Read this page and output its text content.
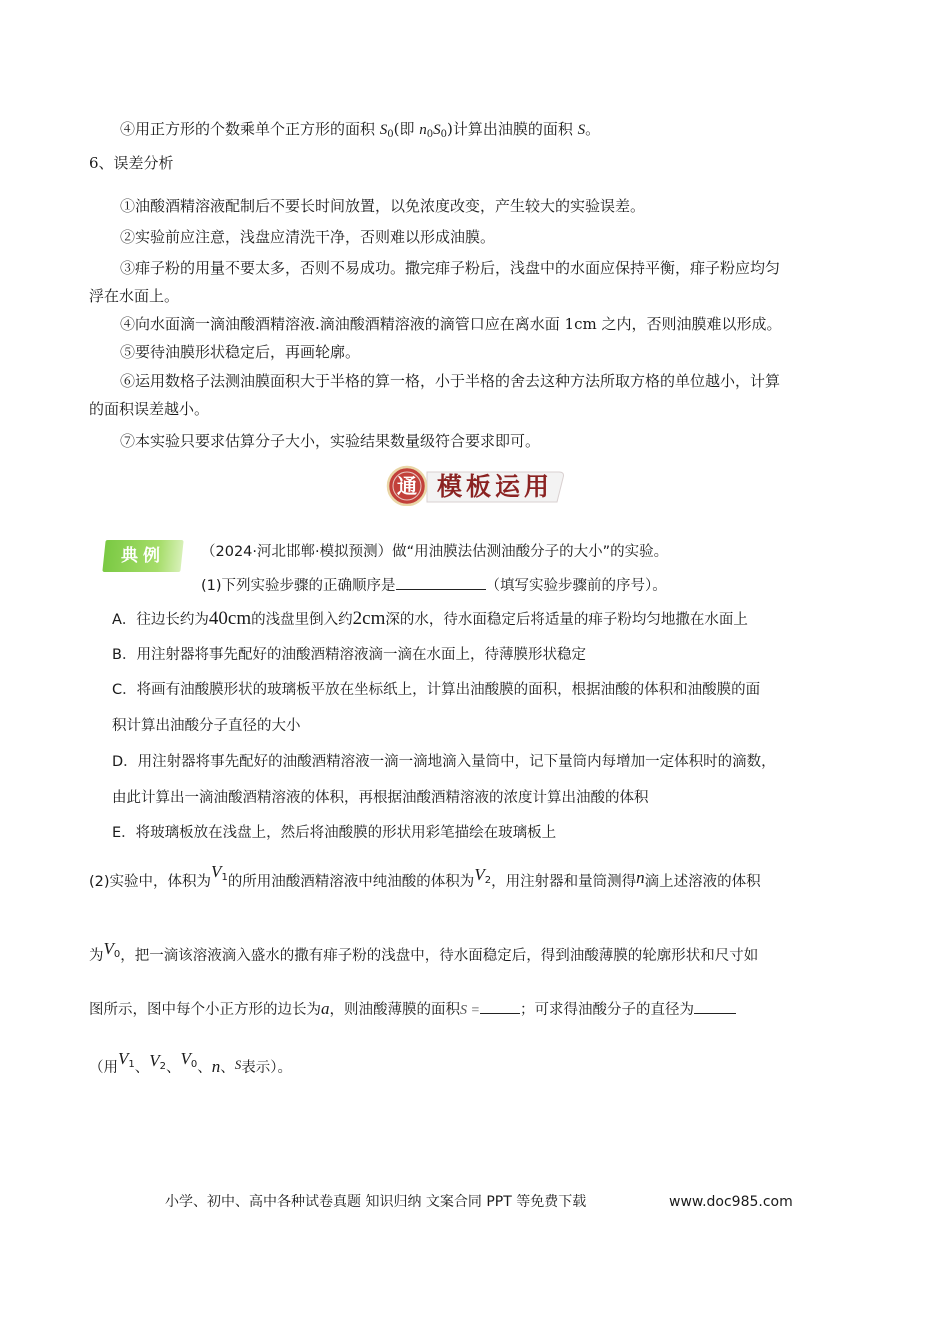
④用正方形的个数乘单个正方形的面积 $S_0$(即 $n_0S_0$)计算出油膜的面积 S。
6、误差分析
①油酸酒精溶液配制后不要长时间放置，以免浓度改变，产生较大的实验误差。
②实验前应注意，浅盘应清洗干净，否则难以形成油膜。
③痱子粉的用量不要太多，否则不易成功。撒完痱子粉后，浅盘中的水面应保持平衡，痱子粉应均匀
浮在水面上。
④向水面滴一滴油酸酒精溶液.滴油酸酒精溶液的滴管口应在离水面 1cm 之内，否则油膜难以形成。
⑤要待油膜形状稳定后，再画轮廓。
⑥运用数格子法测油膜面积大于半格的算一格，小于半格的舍去这种方法所取方格的单位越小，计算
的面积误差越小。
⑦本实验只要求估算分子大小，实验结果数量级符合要求即可。
通 模板运用
典例	（2024·河北邯郸·模拟预测）做“用油膜法估测油酸分子的大小”的实验。
(1)下列实验步骤的正确顺序是	（填写实验步骤前的序号）。
A．往边长约为40cm的浅盘里倒入约2cm深的水，待水面稳定后将适量的痱子粉均匀地撒在水面上
B．用注射器将事先配好的油酸酒精溶液滴一滴在水面上，待薄膜形状稳定
C．将画有油酸膜形状的玻璃板平放在坐标纸上，计算出油酸膜的面积，根据油酸的体积和油酸膜的面
积计算出油酸分子直径的大小
D．用注射器将事先配好的油酸酒精溶液一滴一滴地滴入量筒中，记下量筒内每增加一定体积时的滴数，
由此计算出一滴油酸酒精溶液的体积，再根据油酸酒精溶液的浓度计算出油酸的体积
E．将玻璃板放在浅盘上，然后将油酸膜的形状用彩笔描绘在玻璃板上
(2)实验中，体积为$V_1$的所用油酸酒精溶液中纯油酸的体积为$V_2$，用注射器和量筒测得n滴上述溶液的体积
为$V_0$，把一滴该溶液滴入盛水的撒有痱子粉的浅盘中，待水面稳定后，得到油酸薄膜的轮廓形状和尺寸如
图所示，图中每个小正方形的边长为a，则油酸薄膜的面积S =	；可求得油酸分子的直径为
（用$V_1$、$V_2$、$V_0$、n、S表示）。
小学、初中、高中各种试卷真题 知识归纳 文案合同 PPT 等免费下载	www.doc985.com
